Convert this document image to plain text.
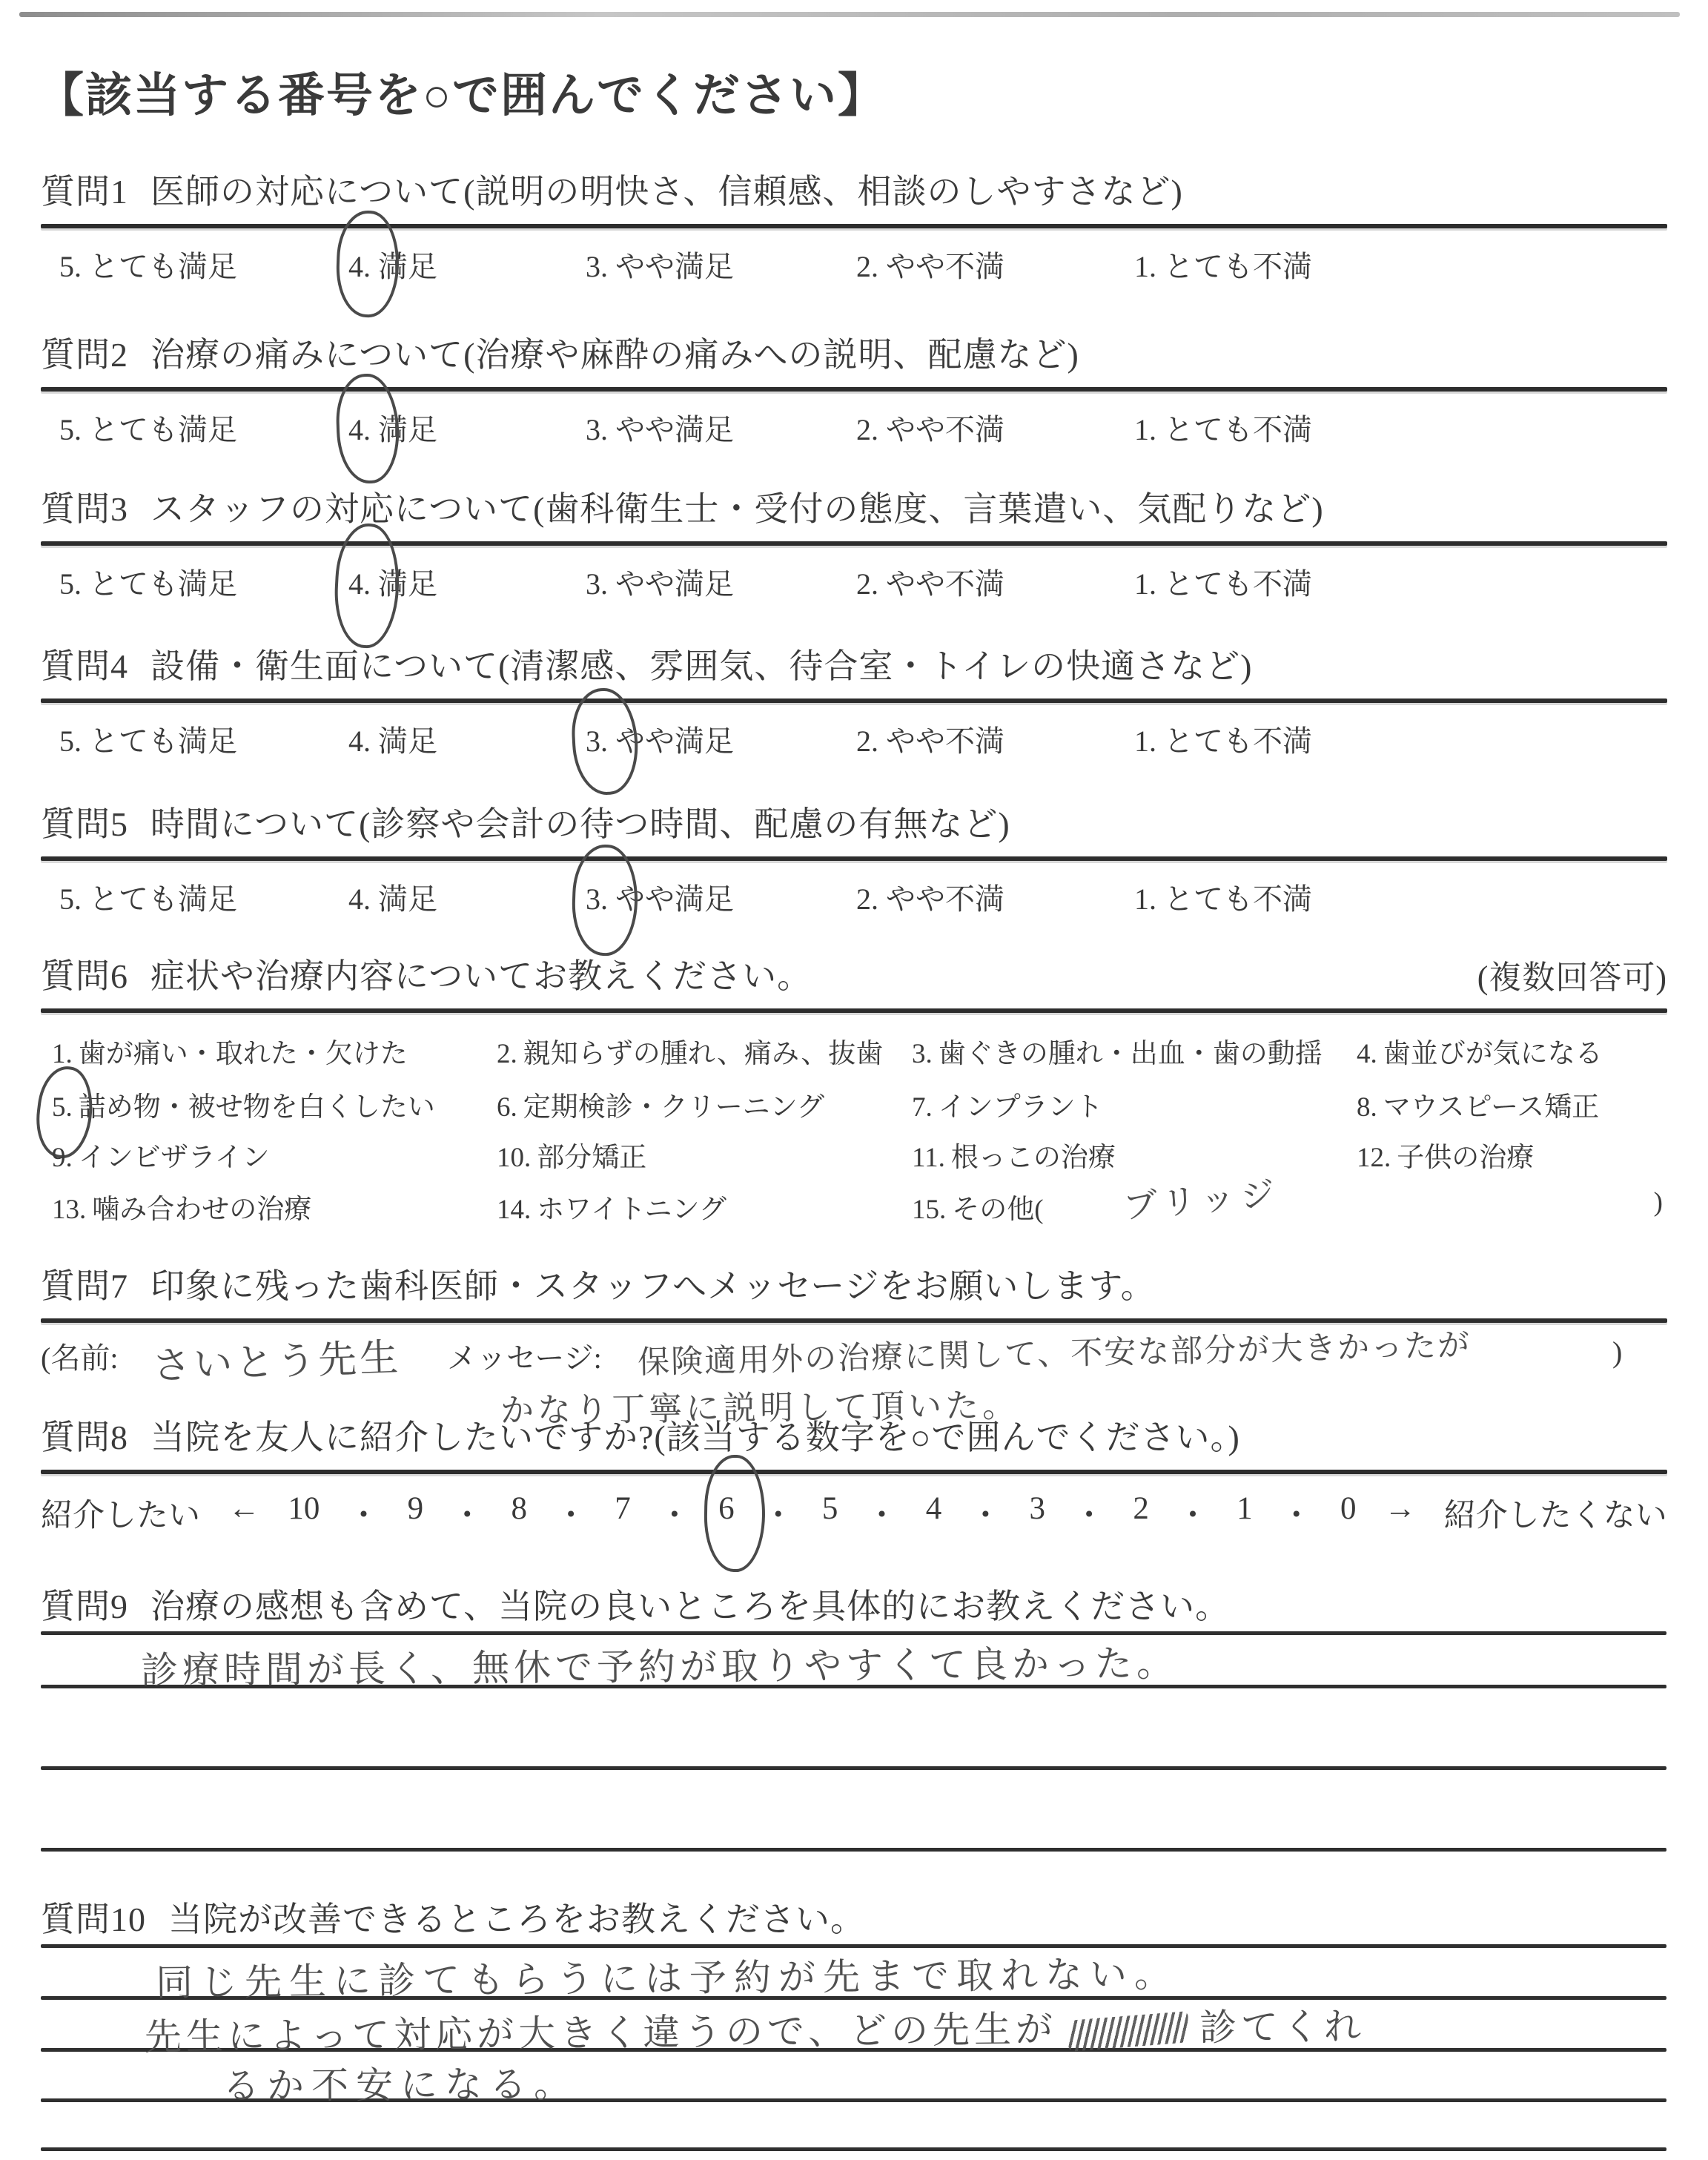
【該当する番号を○で囲んでください】
質問1 医師の対応について(説明の明快さ、信頼感、相談のしやすさなど)
5. とても満足	4. 満足	3. やや満足	2. やや不満	1. とても不満
質問2 治療の痛みについて(治療や麻酔の痛みへの説明、配慮など)
5. とても満足	4. 満足	3. やや満足	2. やや不満	1. とても不満
質問3 スタッフの対応について(歯科衛生士・受付の態度、言葉遣い、気配りなど)
5. とても満足	4. 満足	3. やや満足	2. やや不満	1. とても不満
質問4 設備・衛生面について(清潔感、雰囲気、待合室・トイレの快適さなど)
5. とても満足	4. 満足	3. やや満足	2. やや不満	1. とても不満
質問5 時間について(診察や会計の待つ時間、配慮の有無など)
5. とても満足	4. 満足	3. やや満足	2. やや不満	1. とても不満
質問6 症状や治療内容についてお教えください。	(複数回答可)
1. 歯が痛い・取れた・欠けた	2. 親知らずの腫れ、痛み、抜歯 3. 歯ぐきの腫れ・出血・歯の動揺 4. 歯並びが気になる
5. 詰め物・被せ物を白くしたい 6. 定期検診・クリーニング	7. インプラント	8. マウスピース矯正
9. インビザライン	10. 部分矯正	11. 根っこの治療	12. 子供の治療
13. 噛み合わせの治療	14. ホワイトニング	15. その他( ブリッジ	)
質問7 印象に残った歯科医師・スタッフへメッセージをお願いします。
(名前: さいとう先生 メッセージ: 保険適用外の治療に関して、不安な部分が大きかったが	)
かなり丁寧に説明して頂いた。
質問8 当院を友人に紹介したいですか?(該当する数字を○で囲んでください。)
紹介したい ← 10 ・ 9 ・ 8 ・ 7 ・ 6 ・ 5 ・ 4 ・ 3 ・ 2 ・ 1 ・ 0 → 紹介したくない
質問9 治療の感想も含めて、当院の良いところを具体的にお教えください。
診療時間が長く、無休で予約が取りやすくて良かった。
質問10 当院が改善できるところをお教えください。
同じ先生に診てもらうには予約が先まで取れない。
先生によって対応が大きく違うので、どの先生が	診てくれ
るか不安になる。
